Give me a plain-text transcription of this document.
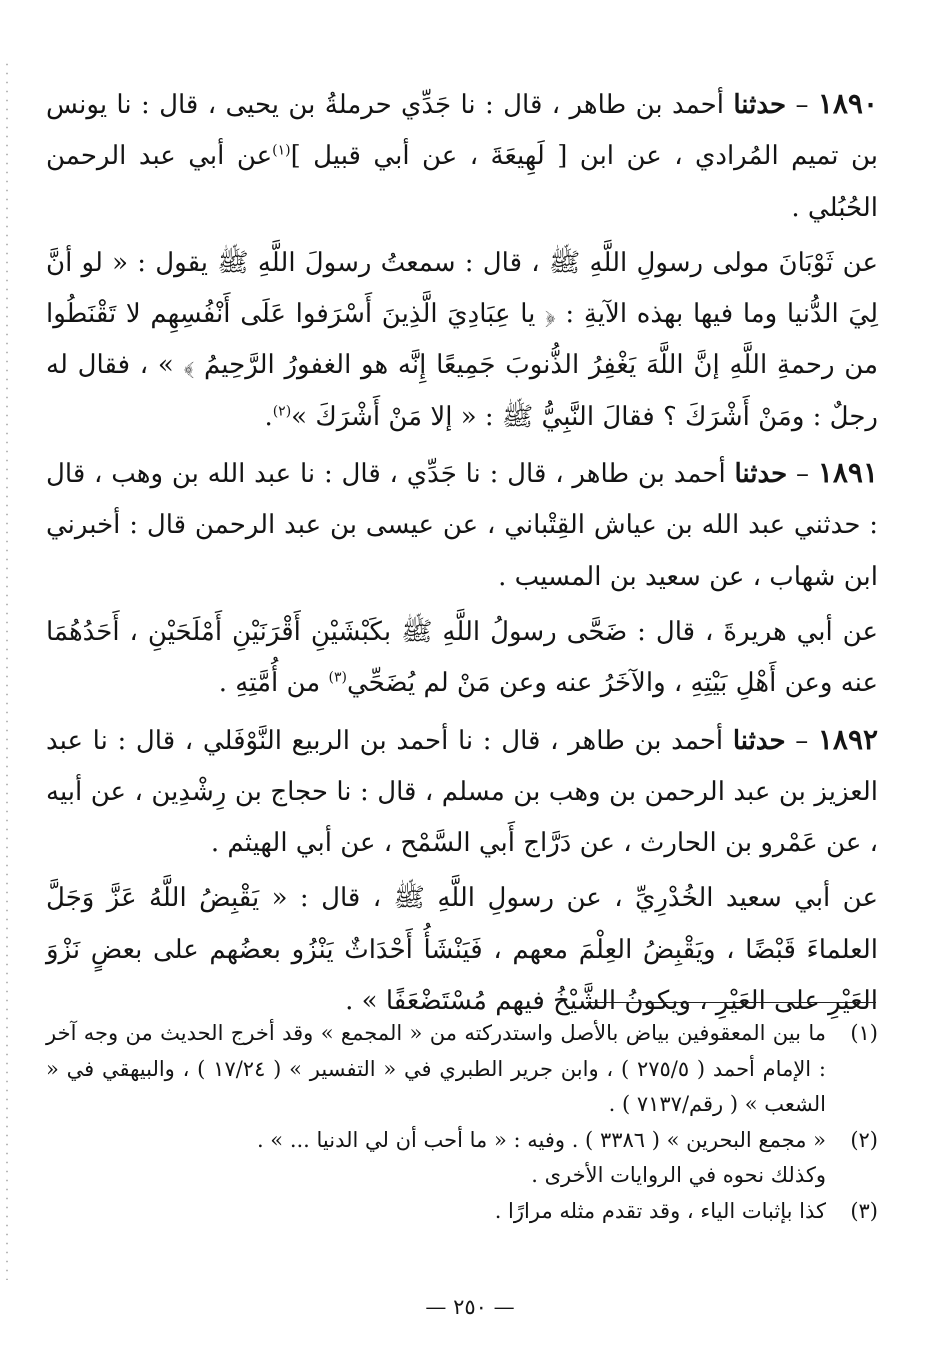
١٨٩٠ – حدثنا أحمد بن طاهر ، قال : نا جَدِّي حرملةُ بن يحيى ، قال : نا يونس بن تميم المُرادي ، عن ابن [ لَهِيعَةَ ، عن أبي قبيل ]$^{(١)}$عن أبي عبد الرحمن الحُبُلي .

عن ثَوْبَانَ مولى رسولِ اللَّهِ ﷺ ، قال : سمعتُ رسولَ اللَّهِ ﷺ يقول : « لو أنَّ لِيَ الدُّنيا وما فيها بهذه الآيةِ : ﴿ يا عِبَادِيَ الَّذِينَ أَسْرَفوا عَلَى أَنْفُسِهِم لا تَقْنَطُوا من رحمةِ اللَّهِ إنَّ اللَّهَ يَغْفِرُ الذُّنوبَ جَمِيعًا إِنَّه هو الغفورُ الرَّحِيمُ ﴾ » ، فقال له رجلٌ : ومَنْ أَشْرَكَ ؟ فقالَ النَّبِيُّ ﷺ : « إلا مَنْ أَشْرَكَ »$^{(٢)}$.

١٨٩١ – حدثنا أحمد بن طاهر ، قال : نا جَدِّي ، قال : نا عبد الله بن وهب ، قال : حدثني عبد الله بن عياش القِتْباني ، عن عيسى بن عبد الرحمن قال : أخبرني ابن شهاب ، عن سعيد بن المسيب .

عن أبي هريرةَ ، قال : ضَحَّى رسولُ اللَّهِ ﷺ بكَبْشَيْنِ أَقْرَنَيْنِ أَمْلَحَيْنِ ، أَحَدُهُمَا عنه وعن أَهْلِ بَيْتِهِ ، والآخَرُ عنه وعن مَنْ لم يُضَحِّي$^{(٣)}$ من أُمَّتِهِ .

١٨٩٢ – حدثنا أحمد بن طاهر ، قال : نا أحمد بن الربيع النَّوْفَلي ، قال : نا عبد العزيز بن عبد الرحمن بن وهب بن مسلم ، قال : نا حجاج بن رِشْدِين ، عن أبيه ، عن عَمْرو بن الحارث ، عن دَرَّاج أَبي السَّمْح ، عن أبي الهيثم .

عن أبي سعيد الخُدْرِيِّ ، عن رسولِ اللَّهِ ﷺ ، قال : « يَقْبِضُ اللَّهُ عَزَّ وَجَلَّ العلماءَ قَبْضًا ، ويَقْبِضُ العِلْمَ معهم ، فَيَنْشَأُ أَحْدَاثٌ يَنْزُو بعضُهم على بعضٍ نَزْوَ العَيْرِ على العَيْرِ ، ويكونُ الشَّيْخُ فيهم مُسْتَضْعَفًا » .

(١)
ما بين المعقوفين بياض بالأصل واستدركته من « المجمع » وقد أخرج الحديث من وجه آخر : الإمام أحمد ( ٢٧٥/٥ ) ، وابن جرير الطبري في « التفسير » ( ١٧/٢٤ ) ، والبيهقي في « الشعب » ( رقم/٧١٣٧ ) .

(٢)
« مجمع البحرين » ( ٣٣٨٦ ) . وفيه : « ما أحب أن لي الدنيا ... » .
وكذلك نحوه في الروايات الأخرى .

(٣)
كذا بإثبات الياء ، وقد تقدم مثله مرارًا .

— ٢٥٠ —
